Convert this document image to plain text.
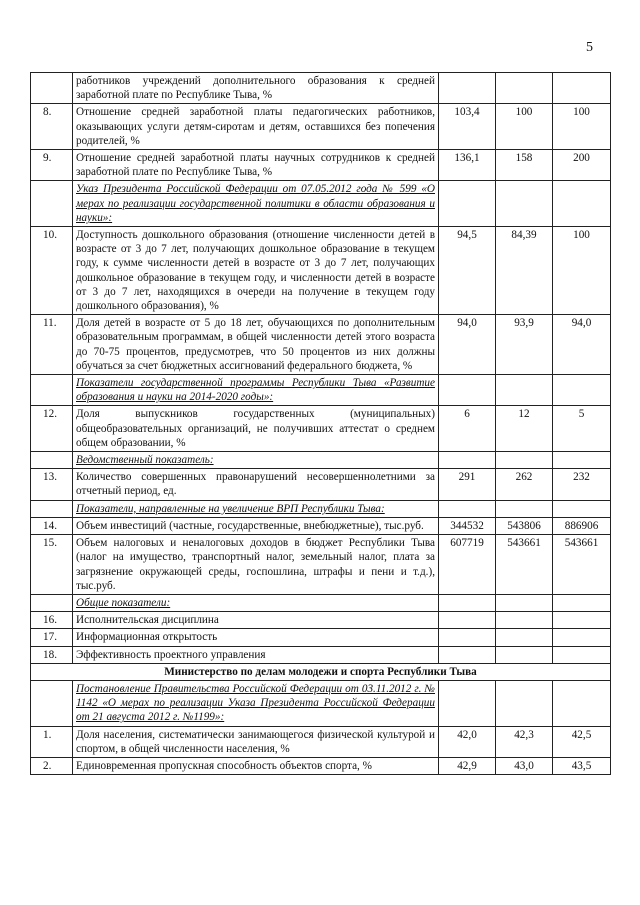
5
	работников учреждений дополнительного образования к средней заработной плате по Республике Тыва, %			
8.	Отношение средней заработной платы педагогических работников, оказывающих услуги детям-сиротам и детям, оставшихся без попечения родителей, %	103,4	100	100
9.	Отношение средней заработной платы научных сотрудников к средней заработной плате по Республике Тыва, %	136,1	158	200
	Указ Президента Российской Федерации от 07.05.2012 года № 599 «О мерах по реализации государственной политики в области образования и науки»:			
10.	Доступность дошкольного образования (отношение численности детей в возрасте от 3 до 7 лет, получающих дошкольное образование в текущем году, к сумме численности детей в возрасте от 3 до 7 лет, получающих дошкольное образование в текущем году, и численности детей в возрасте от 3 до 7 лет, находящихся в очереди на получение в текущем году дошкольного образования), %	94,5	84,39	100
11.	Доля детей в возрасте от 5 до 18 лет, обучающихся по дополнительным образовательным программам, в общей численности детей этого возраста до 70-75 процентов, предусмотрев, что 50 процентов из них должны обучаться за счет бюджетных ассигнований федерального бюджета, %	94,0	93,9	94,0
	Показатели государственной программы Республики Тыва «Развитие образования и науки на 2014-2020 годы»:			
12.	Доля выпускников государственных (муниципальных) общеобразовательных организаций, не получивших аттестат о среднем общем образовании, %	6	12	5
	Ведомственный показатель:			
13.	Количество совершенных правонарушений несовершеннолетними за отчетный период, ед.	291	262	232
	Показатели, направленные на увеличение ВРП Республики Тыва:			
14.	Объем инвестиций (частные, государственные, внебюджетные), тыс.руб.	344532	543806	886906
15.	Объем налоговых и неналоговых доходов в бюджет Республики Тыва (налог на имущество, транспортный налог, земельный налог, плата за загрязнение окружающей среды, госпошлина, штрафы и пени и т.д.), тыс.руб.	607719	543661	543661
	Общие показатели:			
16.	Исполнительская дисциплина			
17.	Информационная открытость			
18.	Эффективность проектного управления			
Министерство по делам молодежи и спорта Республики Тыва				
	Постановление Правительства Российской Федерации от 03.11.2012 г. № 1142 «О мерах по реализации Указа Президента Российской Федерации от 21 августа 2012 г. №1199»:			
1.	Доля населения, систематически занимающегося физической культурой и спортом, в общей численности населения, %	42,0	42,3	42,5
2.	Единовременная пропускная способность объектов спорта, %	42,9	43,0	43,5
